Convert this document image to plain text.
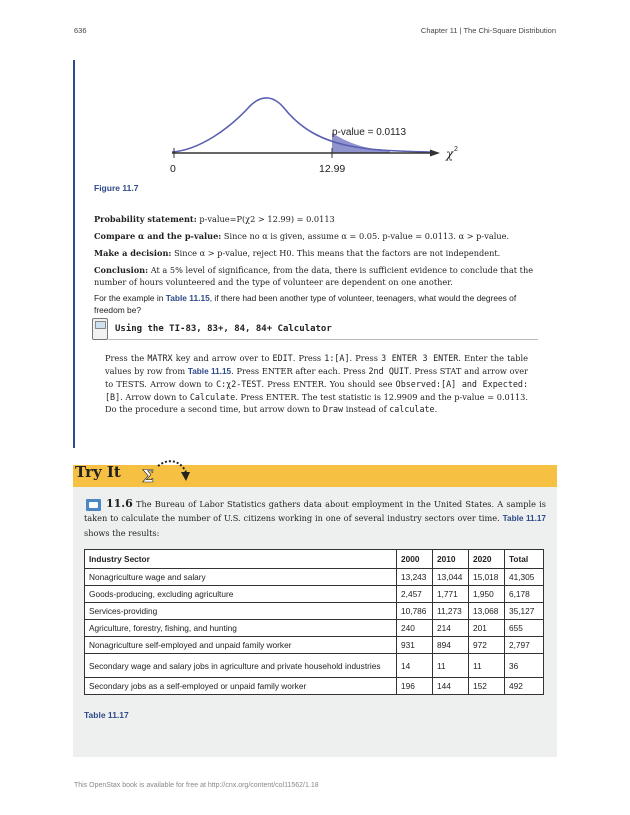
636	Chapter 11 | The Chi-Square Distribution
p-value = 0.0113
χ 2
0	12.99
Figure 11.7
Probability statement: p-value=P(χ2 > 12.99) = 0.0113
Compare α and the p-value: Since no α is given, assume α = 0.05. p-value = 0.0113. α > p-value.
Make a decision: Since α > p-value, reject H0. This means that the factors are not independent.
Conclusion: At a 5% level of significance, from the data, there is sufficient evidence to conclude that the number of hours volunteered and the type of volunteer are dependent on one another.
For the example in Table 11.15, if there had been another type of volunteer, teenagers, what would the degrees of freedom be?
Using the TI-83, 83+, 84, 84+ Calculator
Press the MATRX key and arrow over to EDIT. Press 1:[A]. Press 3 ENTER 3 ENTER. Enter the table values by row from Table 11.15. Press ENTER after each. Press 2nd QUIT. Press STAT and arrow over to TESTS. Arrow down to C:χ2-TEST. Press ENTER. You should see Observed:[A] and Expected:[B]. Arrow down to Calculate. Press ENTER. The test statistic is 12.9909 and the p-value = 0.0113. Do the procedure a second time, but arrow down to Draw instead of calculate.
Try It Σ
11.6 The Bureau of Labor Statistics gathers data about employment in the United States. A sample is taken to calculate the number of U.S. citizens working in one of several industry sectors over time. Table 11.17 shows the results:
Industry Sector	2000	2010	2020	Total
Nonagriculture wage and salary	13,243	13,044	15,018	41,305
Goods-producing, excluding agriculture	2,457	1,771	1,950	6,178
Services-providing	10,786	11,273	13,068	35,127
Agriculture, forestry, fishing, and hunting	240	214	201	655
Nonagriculture self-employed and unpaid family worker	931	894	972	2,797
Secondary wage and salary jobs in agriculture and private household industries	14	11	11	36
Secondary jobs as a self-employed or unpaid family worker	196	144	152	492
Table 11.17
This OpenStax book is available for free at http://cnx.org/content/col11562/1.18
